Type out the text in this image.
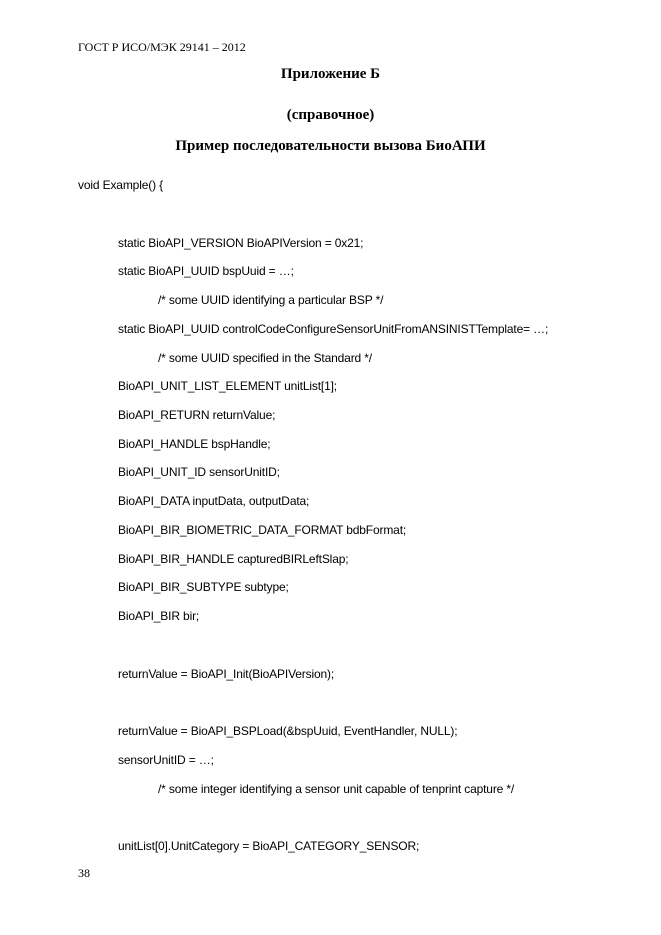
ГОСТ Р ИСО/МЭК 29141 – 2012
Приложение Б
(справочное)
Пример последовательности вызова БиоАПИ
void Example() {
static BioAPI_VERSION BioAPIVersion = 0x21;
static BioAPI_UUID bspUuid = …;
/* some UUID identifying a particular BSP */
static BioAPI_UUID controlCodeConfigureSensorUnitFromANSINISTTemplate= …;
/* some UUID specified in the Standard */
BioAPI_UNIT_LIST_ELEMENT unitList[1];
BioAPI_RETURN returnValue;
BioAPI_HANDLE bspHandle;
BioAPI_UNIT_ID sensorUnitID;
BioAPI_DATA inputData, outputData;
BioAPI_BIR_BIOMETRIC_DATA_FORMAT bdbFormat;
BioAPI_BIR_HANDLE capturedBIRLeftSlap;
BioAPI_BIR_SUBTYPE subtype;
BioAPI_BIR bir;
returnValue = BioAPI_Init(BioAPIVersion);
returnValue = BioAPI_BSPLoad(&bspUuid, EventHandler, NULL);
sensorUnitID = …;
/* some integer identifying a sensor unit capable of tenprint capture */
unitList[0].UnitCategory = BioAPI_CATEGORY_SENSOR;
38
